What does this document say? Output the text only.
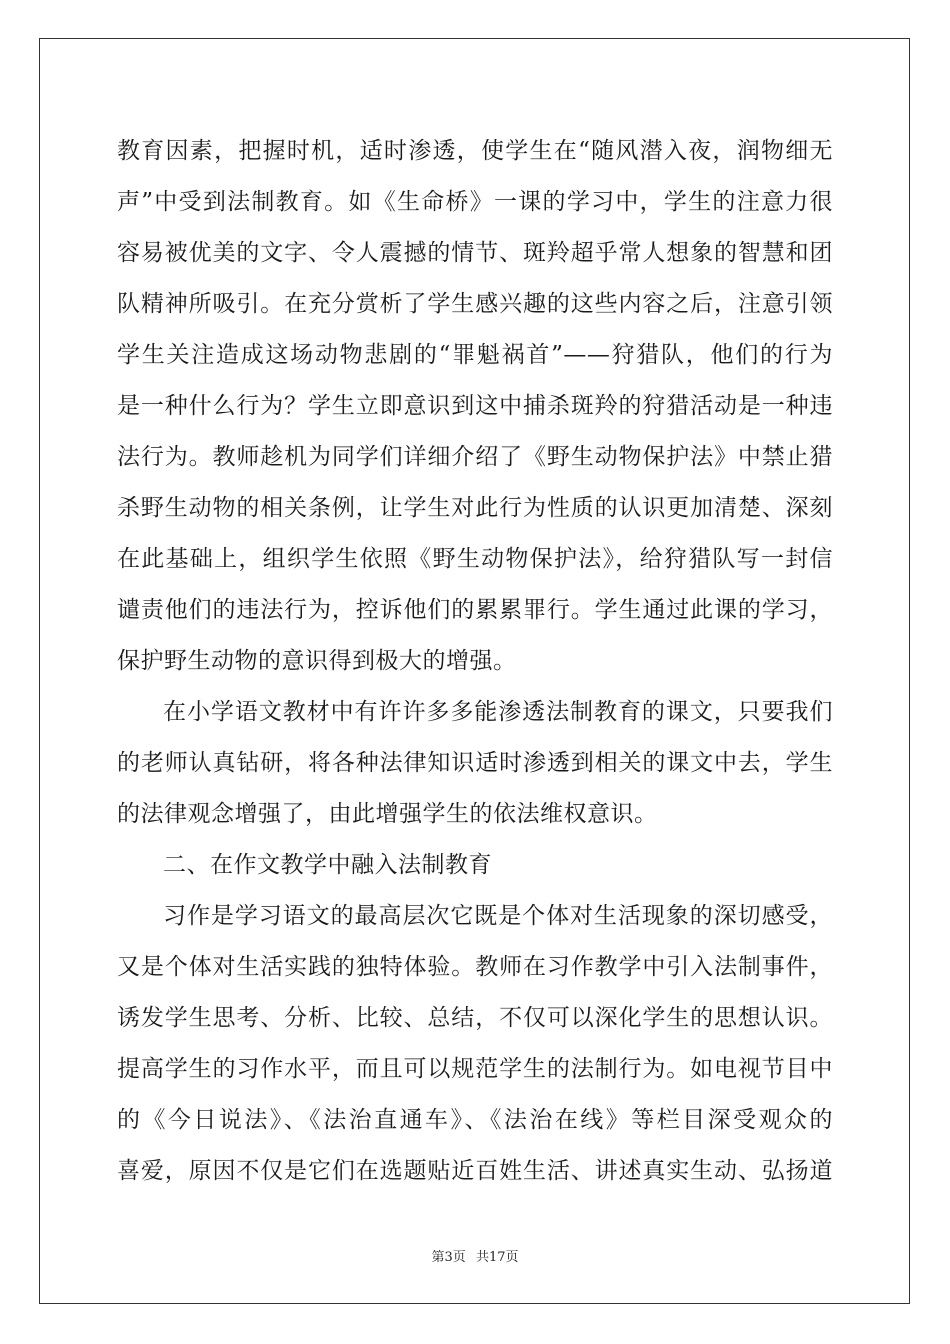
教育因素，把握时机，适时渗透，使学生在“随风潜入夜，润物细无
声”中受到法制教育。如《生命桥》一课的学习中，学生的注意力很
容易被优美的文字、令人震撼的情节、斑羚超乎常人想象的智慧和团
队精神所吸引。在充分赏析了学生感兴趣的这些内容之后，注意引领
学生关注造成这场动物悲剧的“罪魁祸首”——狩猎队，他们的行为
是一种什么行为？学生立即意识到这中捕杀斑羚的狩猎活动是一种违
法行为。教师趁机为同学们详细介绍了《野生动物保护法》中禁止猎
杀野生动物的相关条例，让学生对此行为性质的认识更加清楚、深刻
在此基础上，组织学生依照《野生动物保护法》，给狩猎队写一封信
谴责他们的违法行为，控诉他们的累累罪行。学生通过此课的学习，
保护野生动物的意识得到极大的增强。
在小学语文教材中有许许多多能渗透法制教育的课文，只要我们
的老师认真钻研，将各种法律知识适时渗透到相关的课文中去，学生
的法律观念增强了，由此增强学生的依法维权意识。
二、在作文教学中融入法制教育
习作是学习语文的最高层次它既是个体对生活现象的深切感受，
又是个体对生活实践的独特体验。教师在习作教学中引入法制事件，
诱发学生思考、分析、比较、总结，不仅可以深化学生的思想认识。
提高学生的习作水平，而且可以规范学生的法制行为。如电视节目中
的《今日说法》、《法治直通车》、《法治在线》等栏目深受观众的
喜爱，原因不仅是它们在选题贴近百姓生活、讲述真实生动、弘扬道
第3页 共17页
